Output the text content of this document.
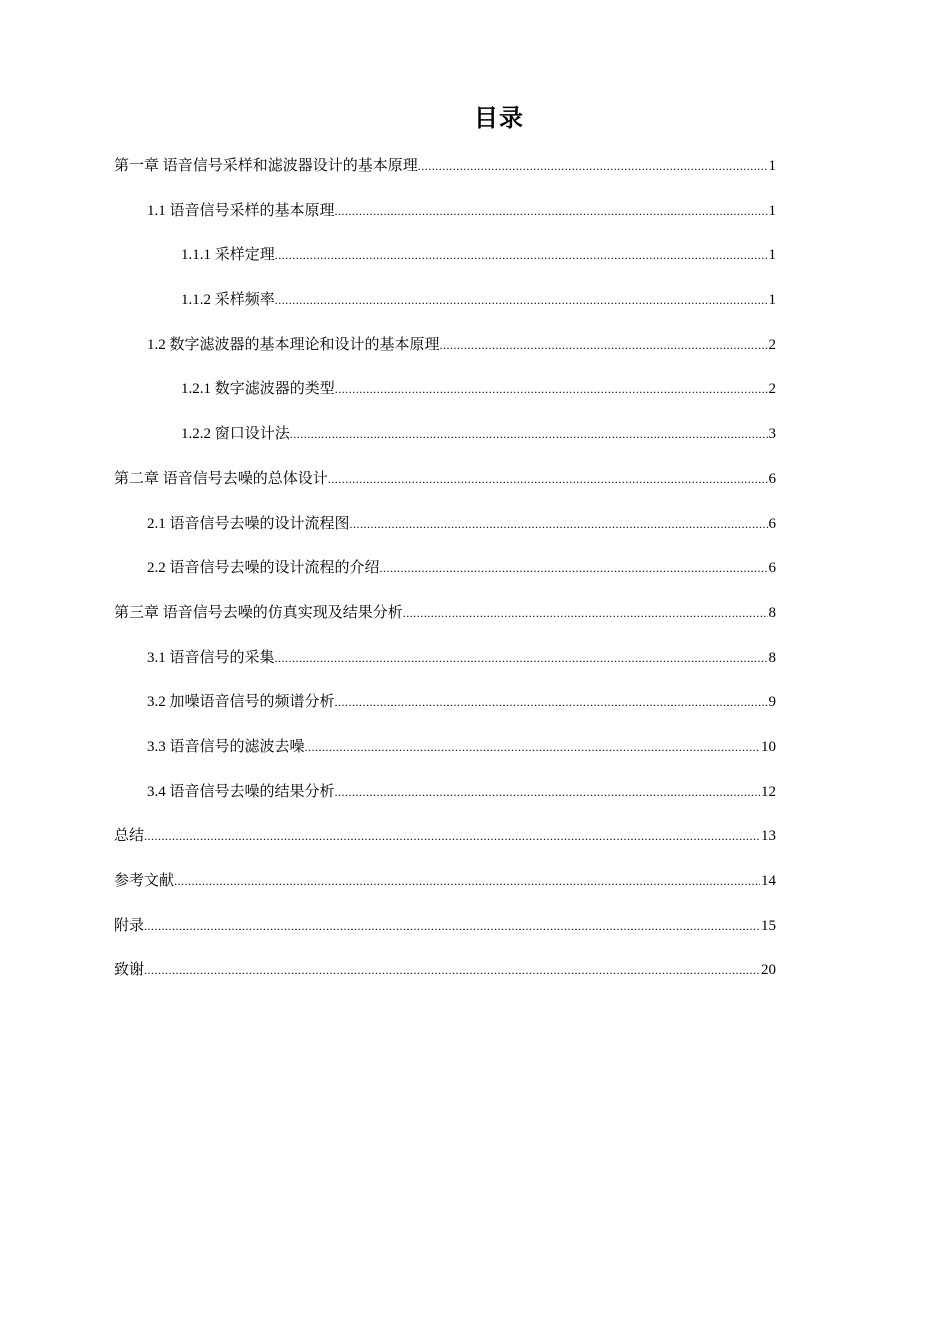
目录
第一章 语音信号采样和滤波器设计的基本原理 .....	1
1.1 语音信号采样的基本原理 .....	1
1.1.1 采样定理 .....	1
1.1.2 采样频率 .....	1
1.2 数字滤波器的基本理论和设计的基本原理 .....	2
1.2.1 数字滤波器的类型 .....	2
1.2.2 窗口设计法 .....	3
第二章 语音信号去噪的总体设计 .....	6
2.1 语音信号去噪的设计流程图 .....	6
2.2 语音信号去噪的设计流程的介绍 .....	6
第三章 语音信号去噪的仿真实现及结果分析 .....	8
3.1 语音信号的采集 .....	8
3.2 加噪语音信号的频谱分析 .....	9
3.3 语音信号的滤波去噪 .....	10
3.4 语音信号去噪的结果分析 .....	12
总结 .....	13
参考文献 .....	14
附录 .....	15
致谢 .....	20
